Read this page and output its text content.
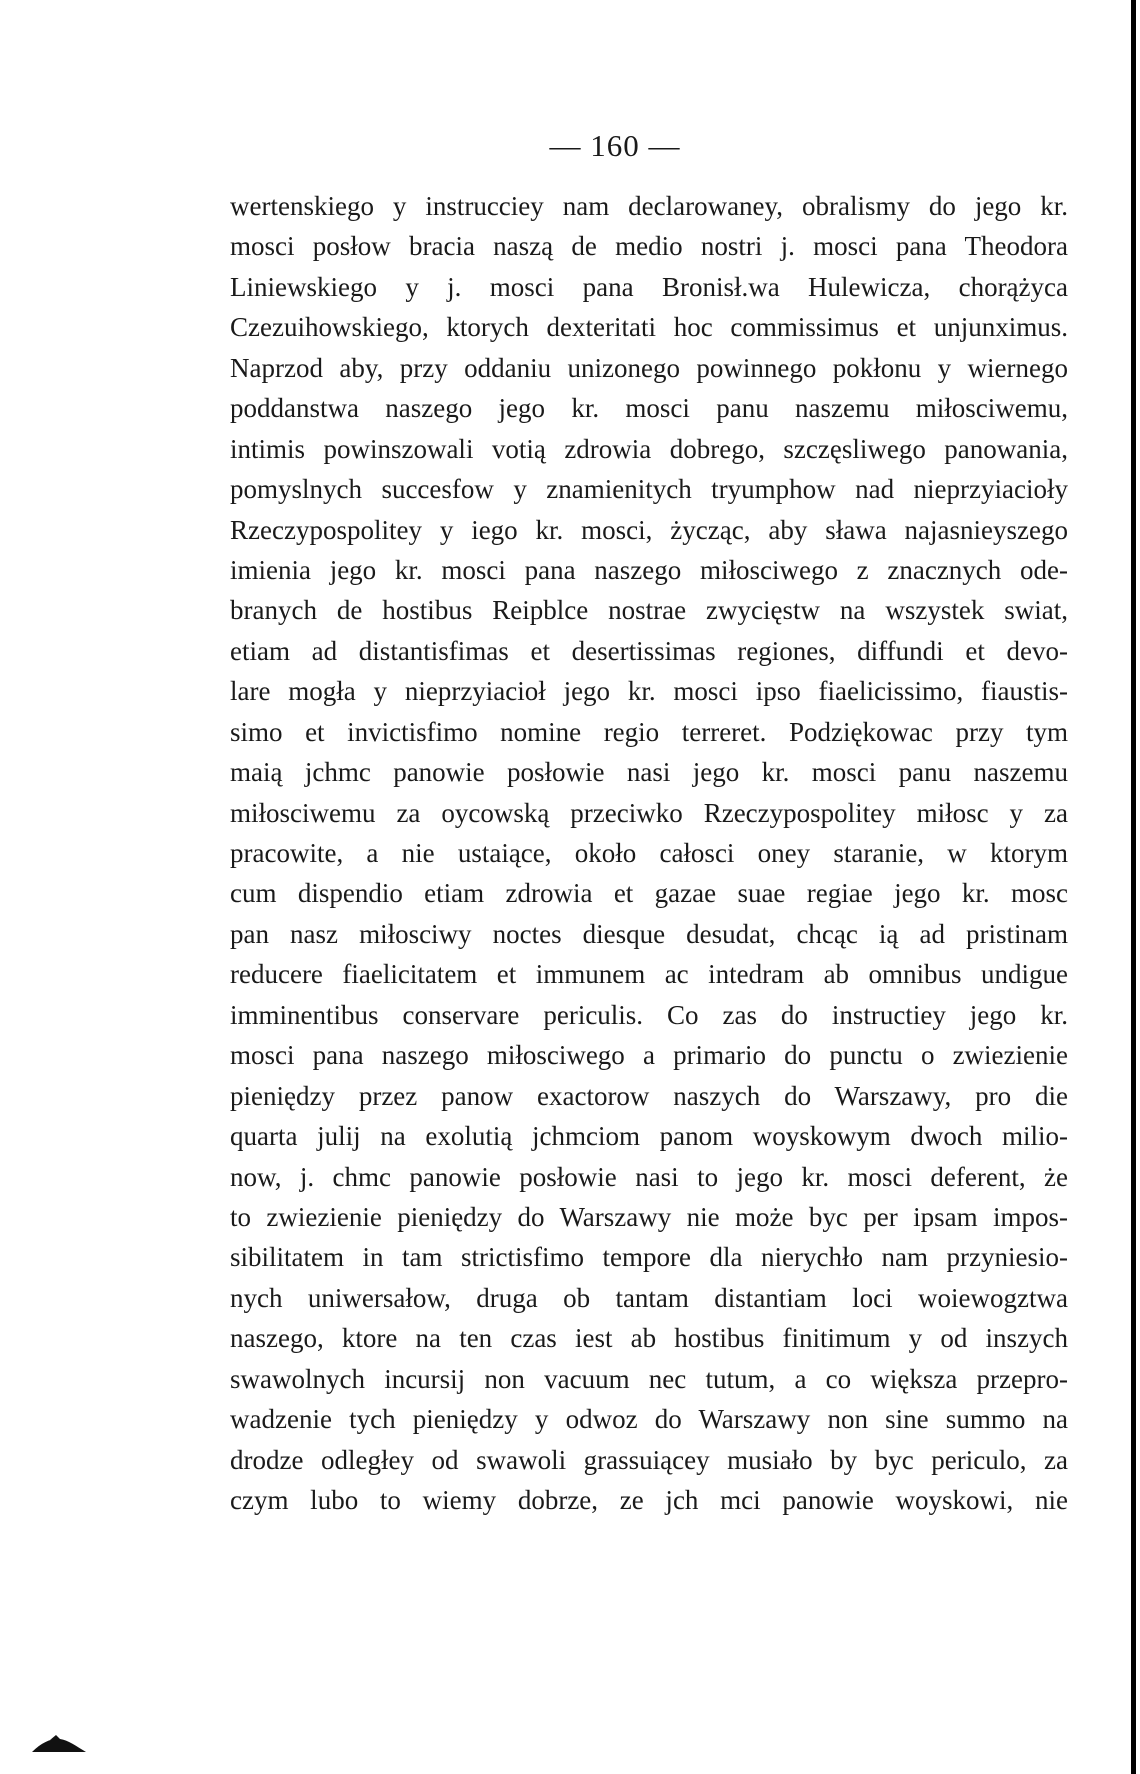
— 160 —
wertenskiego y instrucciey nam declarowaney, obralismy do jego kr.
mosci posłow bracia naszą de medio nostri j. mosci pana Theodora
Liniewskiego y j. mosci pana Bronisł.wa Hulewicza, chorążyca
Czezuihowskiego, ktorych dexteritati hoc commissimus et unjunximus.
Naprzod aby, przy oddaniu unizonego powinnego pokłonu y wiernego
poddanstwa naszego jego kr. mosci panu naszemu miłosciwemu,
intimis powinszowali votią zdrowia dobrego, szczęsliwego panowania,
pomyslnych succesfow y znamienitych tryumphow nad nieprzyiacioły
Rzeczypospolitey y iego kr. mosci, życząc, aby sława najasnieyszego
imienia jego kr. mosci pana naszego miłosciwego z znacznych ode-
branych de hostibus Reipblce nostrae zwycięstw na wszystek swiat,
etiam ad distantisfimas et desertissimas regiones, diffundi et devo-
lare mogła y nieprzyiacioł jego kr. mosci ipso fiaelicissimo, fiaustis-
simo et invictisfimo nomine regio terreret. Podziękowac przy tym
maią jchmc panowie posłowie nasi jego kr. mosci panu naszemu
miłosciwemu za oycowską przeciwko Rzeczypospolitey miłosc y za
pracowite, a nie ustaiące, około całosci oney staranie, w ktorym
cum dispendio etiam zdrowia et gazae suae regiae jego kr. mosc
pan nasz miłosciwy noctes diesque desudat, chcąc ią ad pristinam
reducere fiaelicitatem et immunem ac intedram ab omnibus undigue
imminentibus conservare periculis. Co zas do instructiey jego kr.
mosci pana naszego miłosciwego a primario do punctu o zwiezienie
pieniędzy przez panow exactorow naszych do Warszawy, pro die
quarta julij na exolutią jchmciom panom woyskowym dwoch milio-
now, j. chmc panowie posłowie nasi to jego kr. mosci deferent, że
to zwiezienie pieniędzy do Warszawy nie może byc per ipsam impos-
sibilitatem in tam strictisfimo tempore dla nierychło nam przyniesio-
nych uniwersałow, druga ob tantam distantiam loci woiewogztwa
naszego, ktore na ten czas iest ab hostibus finitimum y od inszych
swawolnych incursij non vacuum nec tutum, a co większa przepro-
wadzenie tych pieniędzy y odwoz do Warszawy non sine summo na
drodze odległey od swawoli grassuiącey musiało by byc periculo, za
czym lubo to wiemy dobrze, ze jch mci panowie woyskowi, nie
